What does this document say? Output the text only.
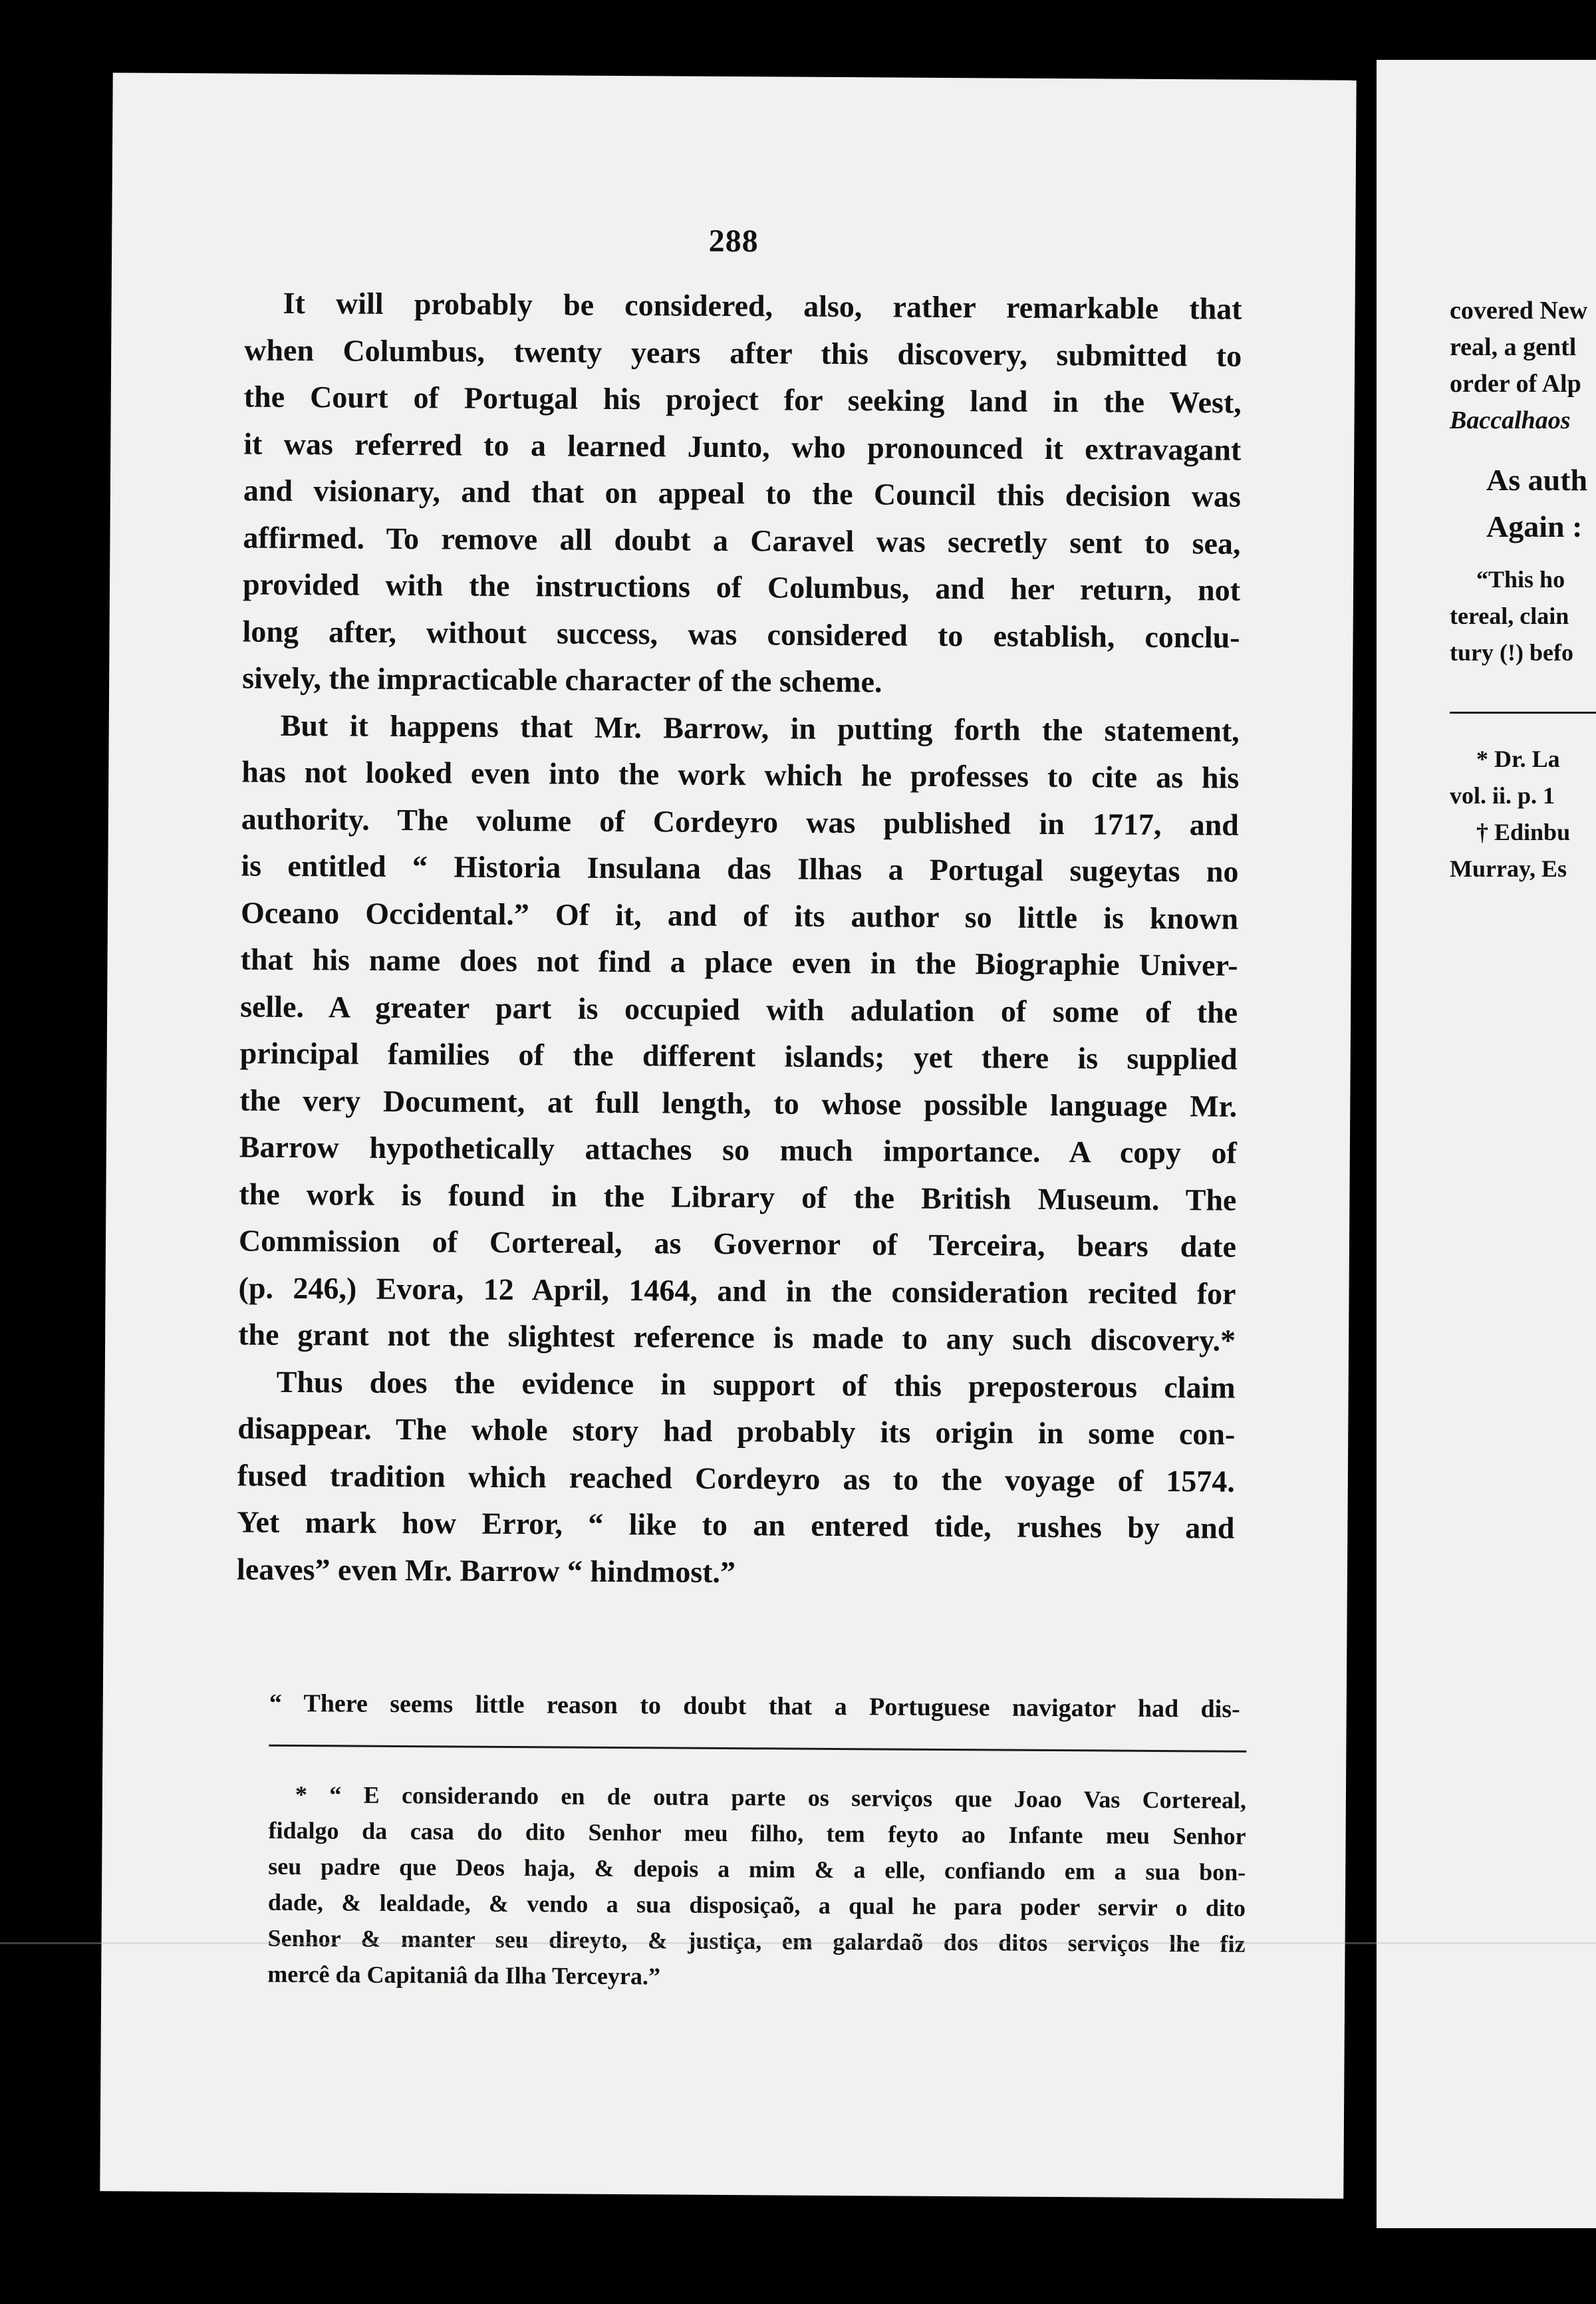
288

It will probably be considered, also, rather remarkable that
when Columbus, twenty years after this discovery, submitted to
the Court of Portugal his project for seeking land in the West,
it was referred to a learned Junto, who pronounced it extravagant
and visionary, and that on appeal to the Council this decision was
affirmed. To remove all doubt a Caravel was secretly sent to sea,
provided with the instructions of Columbus, and her return, not
long after, without success, was considered to establish, conclu-
sively, the impracticable character of the scheme.

But it happens that Mr. Barrow, in putting forth the statement,
has not looked even into the work which he professes to cite as his
authority. The volume of Cordeyro was published in 1717, and
is entitled “ Historia Insulana das Ilhas a Portugal sugeytas no
Oceano Occidental.” Of it, and of its author so little is known
that his name does not find a place even in the Biographie Univer-
selle. A greater part is occupied with adulation of some of the
principal families of the different islands; yet there is supplied
the very Document, at full length, to whose possible language Mr.
Barrow hypothetically attaches so much importance. A copy of
the work is found in the Library of the British Museum. The
Commission of Cortereal, as Governor of Terceira, bears date
(p. 246,) Evora, 12 April, 1464, and in the consideration recited for
the grant not the slightest reference is made to any such discovery.*

Thus does the evidence in support of this preposterous claim
disappear. The whole story had probably its origin in some con-
fused tradition which reached Cordeyro as to the voyage of 1574.
Yet mark how Error, “ like to an entered tide, rushes by and
leaves” even Mr. Barrow “ hindmost.”

“ There seems little reason to doubt that a Portuguese navigator had dis-
* “ E considerando en de outra parte os serviços que Joao Vas Cortereal,
fidalgo da casa do dito Senhor meu filho, tem feyto ao Infante meu Senhor
seu padre que Deos haja, & depois a mim & a elle, confiando em a sua bon-
dade, & lealdade, & vendo a sua disposiçaõ, a qual he para poder servir o dito
Senhor & manter seu direyto, & justiça, em galardaõ dos ditos serviços lhe fiz
mercê da Capitaniâ da Ilha Terceyra.”
covered New
real, a gentl
order of Alp
Baccalhaos
As auth
Again :
“This ho
tereal, clain
tury (!) befo
* Dr. La
vol. ii. p. 1
† Edinbu
Murray, Es
